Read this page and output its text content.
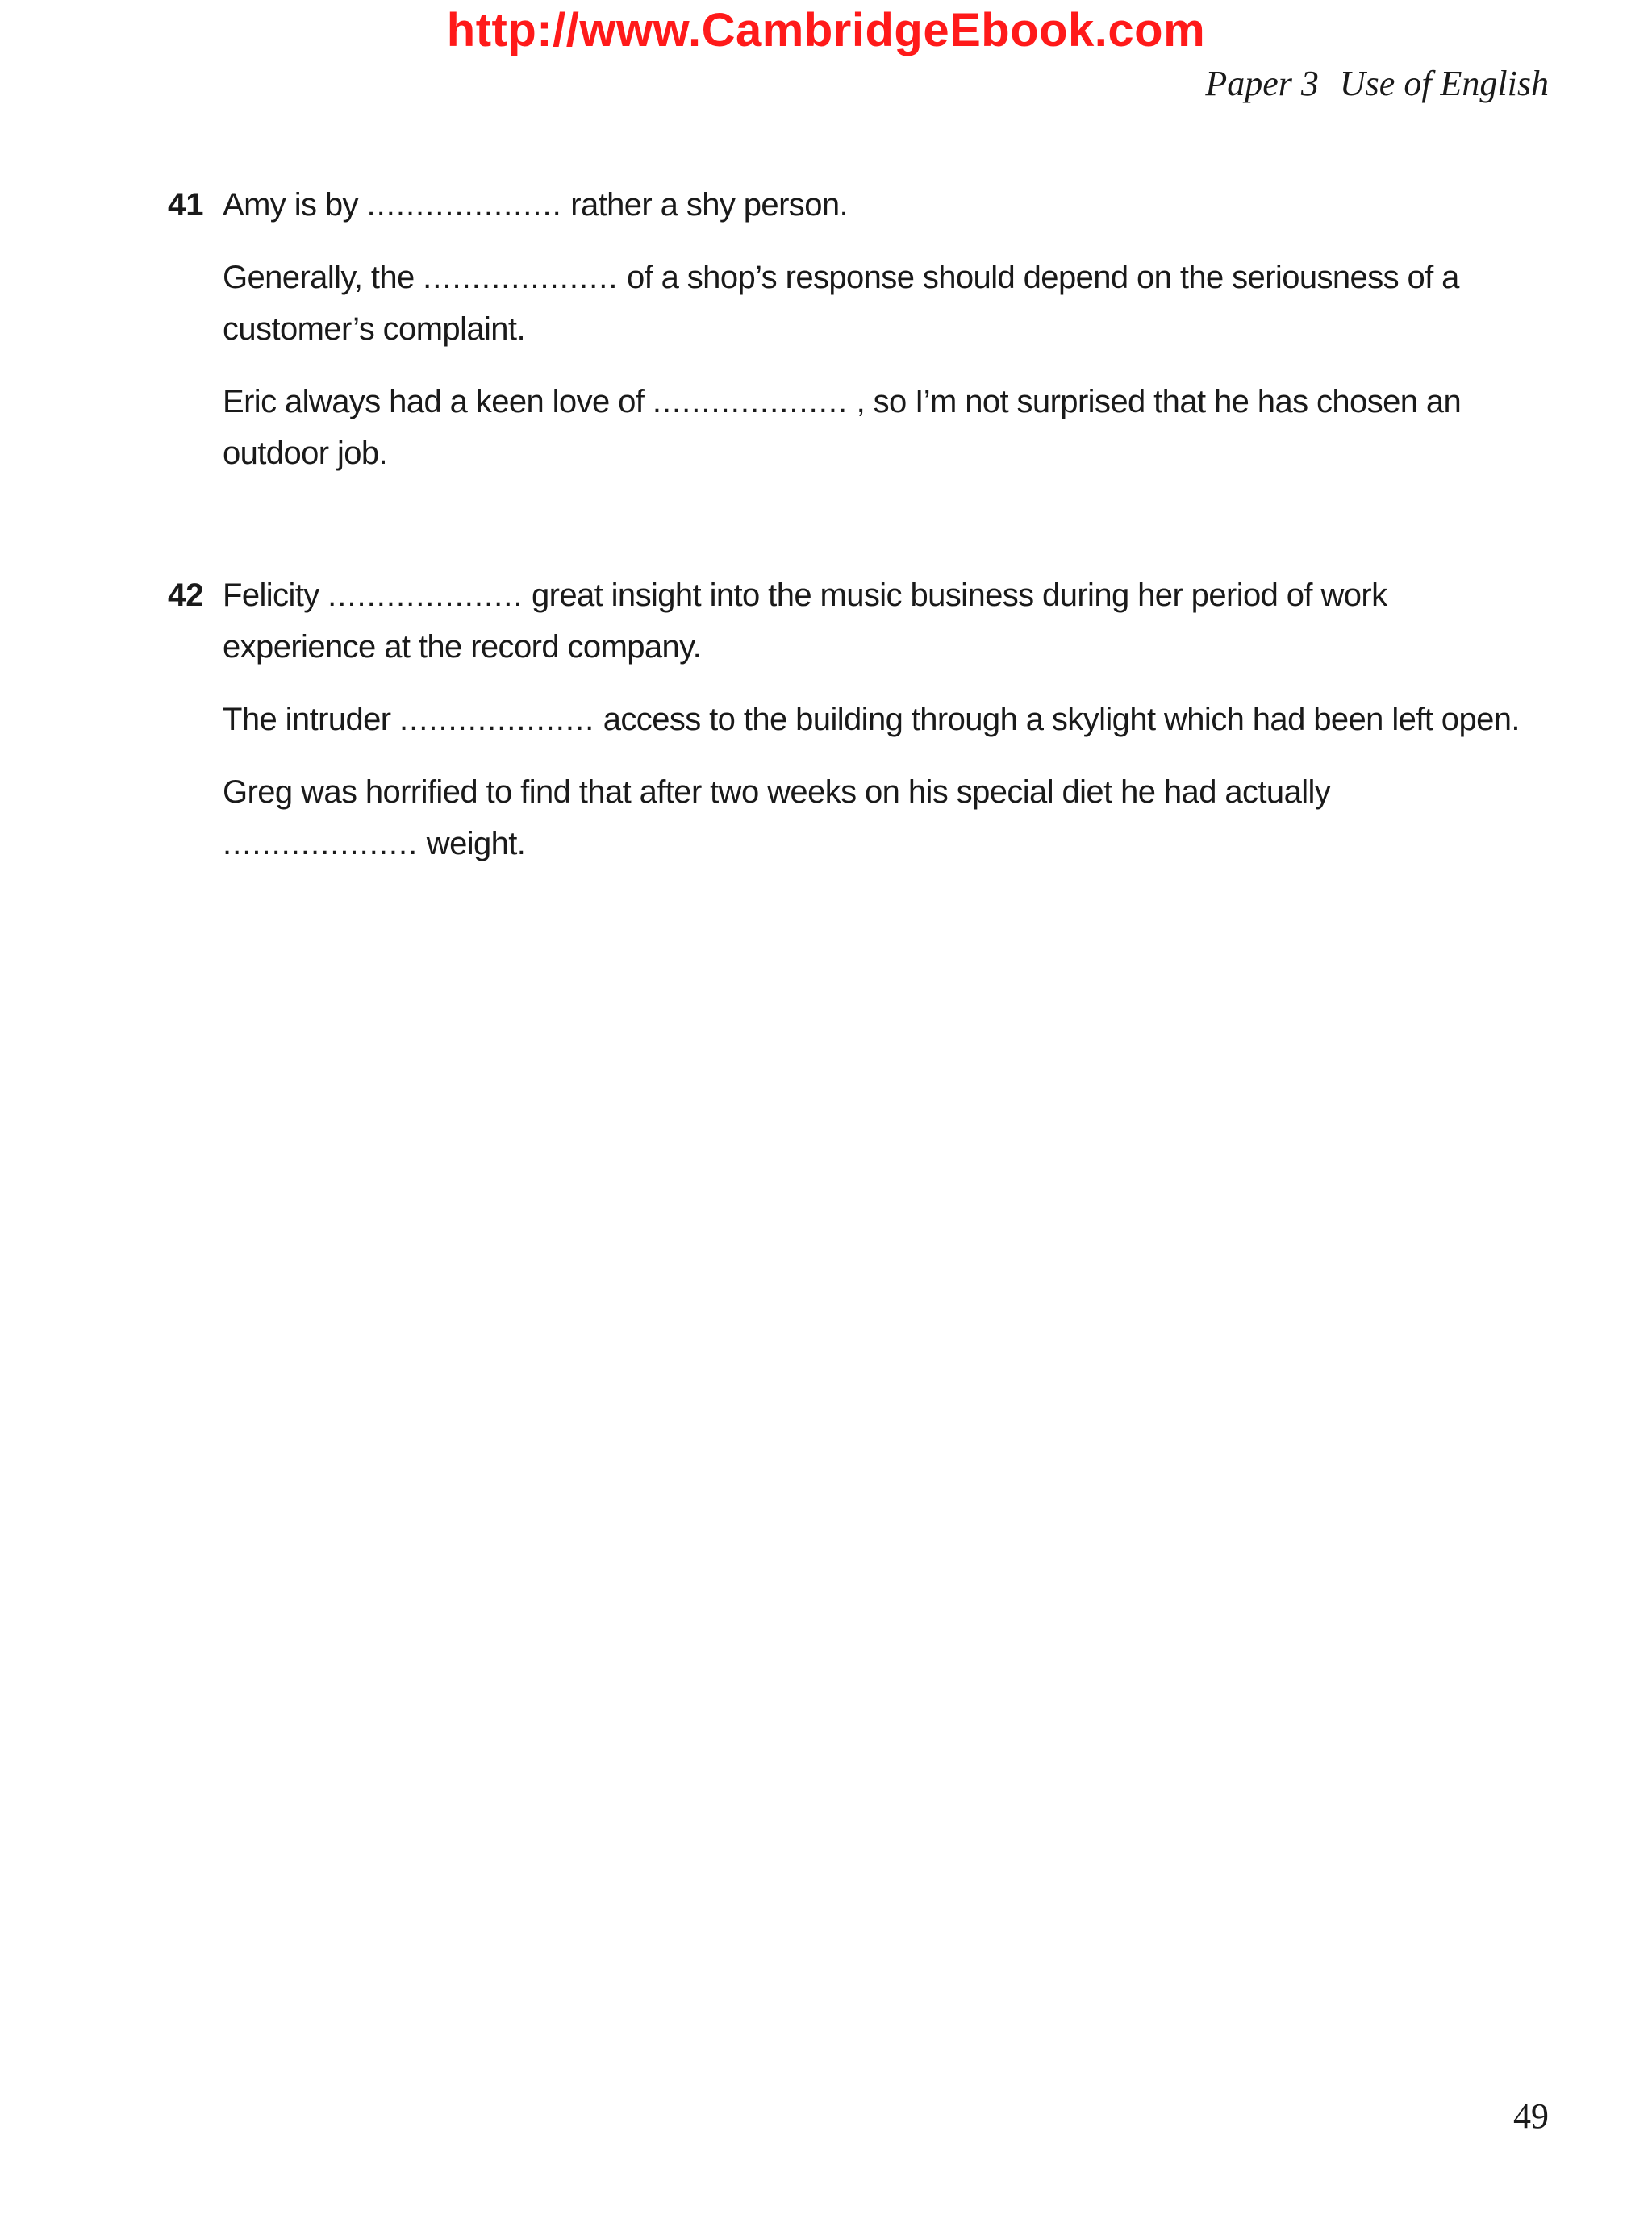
http://www.CambridgeEbook.com
Paper 3 Use of English
41 Amy is by .................... rather a shy person.

Generally, the .................... of a shop’s response should depend on the seriousness of a customer’s complaint.

Eric always had a keen love of .................... , so I’m not surprised that he has chosen an outdoor job.

42 Felicity .................... great insight into the music business during her period of work experience at the record company.

The intruder .................... access to the building through a skylight which had been left open.

Greg was horrified to find that after two weeks on his special diet he had actually .................... weight.

49
